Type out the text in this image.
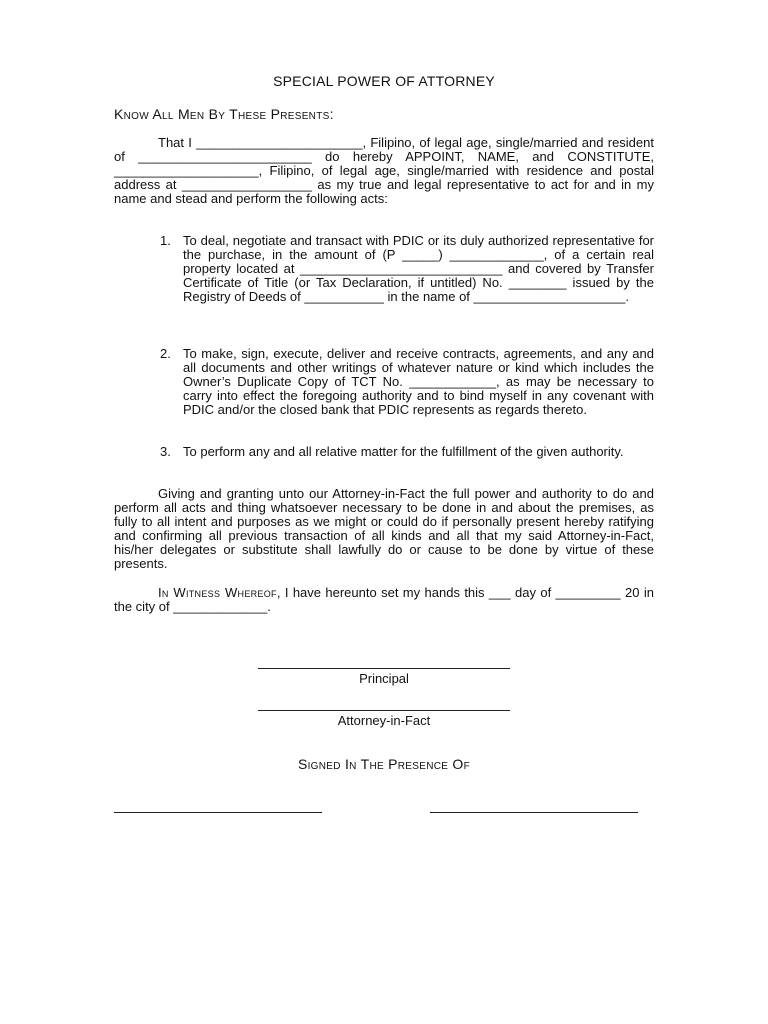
SPECIAL POWER OF ATTORNEY
Know All Men By These Presents:
That I _______________________, Filipino, of legal age, single/married and resident of ________________________ do hereby APPOINT, NAME, and CONSTITUTE, ____________________, Filipino, of legal age, single/married with residence and postal address at __________________ as my true and legal representative to act for and in my name and stead and perform the following acts:
1. To deal, negotiate and transact with PDIC or its duly authorized representative for the purchase, in the amount of (P _____) _____________, of a certain real property located at ____________________________ and covered by Transfer Certificate of Title (or Tax Declaration, if untitled) No. ________ issued by the Registry of Deeds of ___________ in the name of _____________________.
2. To make, sign, execute, deliver and receive contracts, agreements, and any and all documents and other writings of whatever nature or kind which includes the Owner’s Duplicate Copy of TCT No. ____________, as may be necessary to carry into effect the foregoing authority and to bind myself in any covenant with PDIC and/or the closed bank that PDIC represents as regards thereto.
3. To perform any and all relative matter for the fulfillment of the given authority.
Giving and granting unto our Attorney-in-Fact the full power and authority to do and perform all acts and thing whatsoever necessary to be done in and about the premises, as fully to all intent and purposes as we might or could do if personally present hereby ratifying and confirming all previous transaction of all kinds and all that my said Attorney-in-Fact, his/her delegates or substitute shall lawfully do or cause to be done by virtue of these presents.
In Witness Whereof, I have hereunto set my hands this ___ day of _________ 20 in the city of _____________.
Principal
Attorney-in-Fact
Signed In The Presence Of
